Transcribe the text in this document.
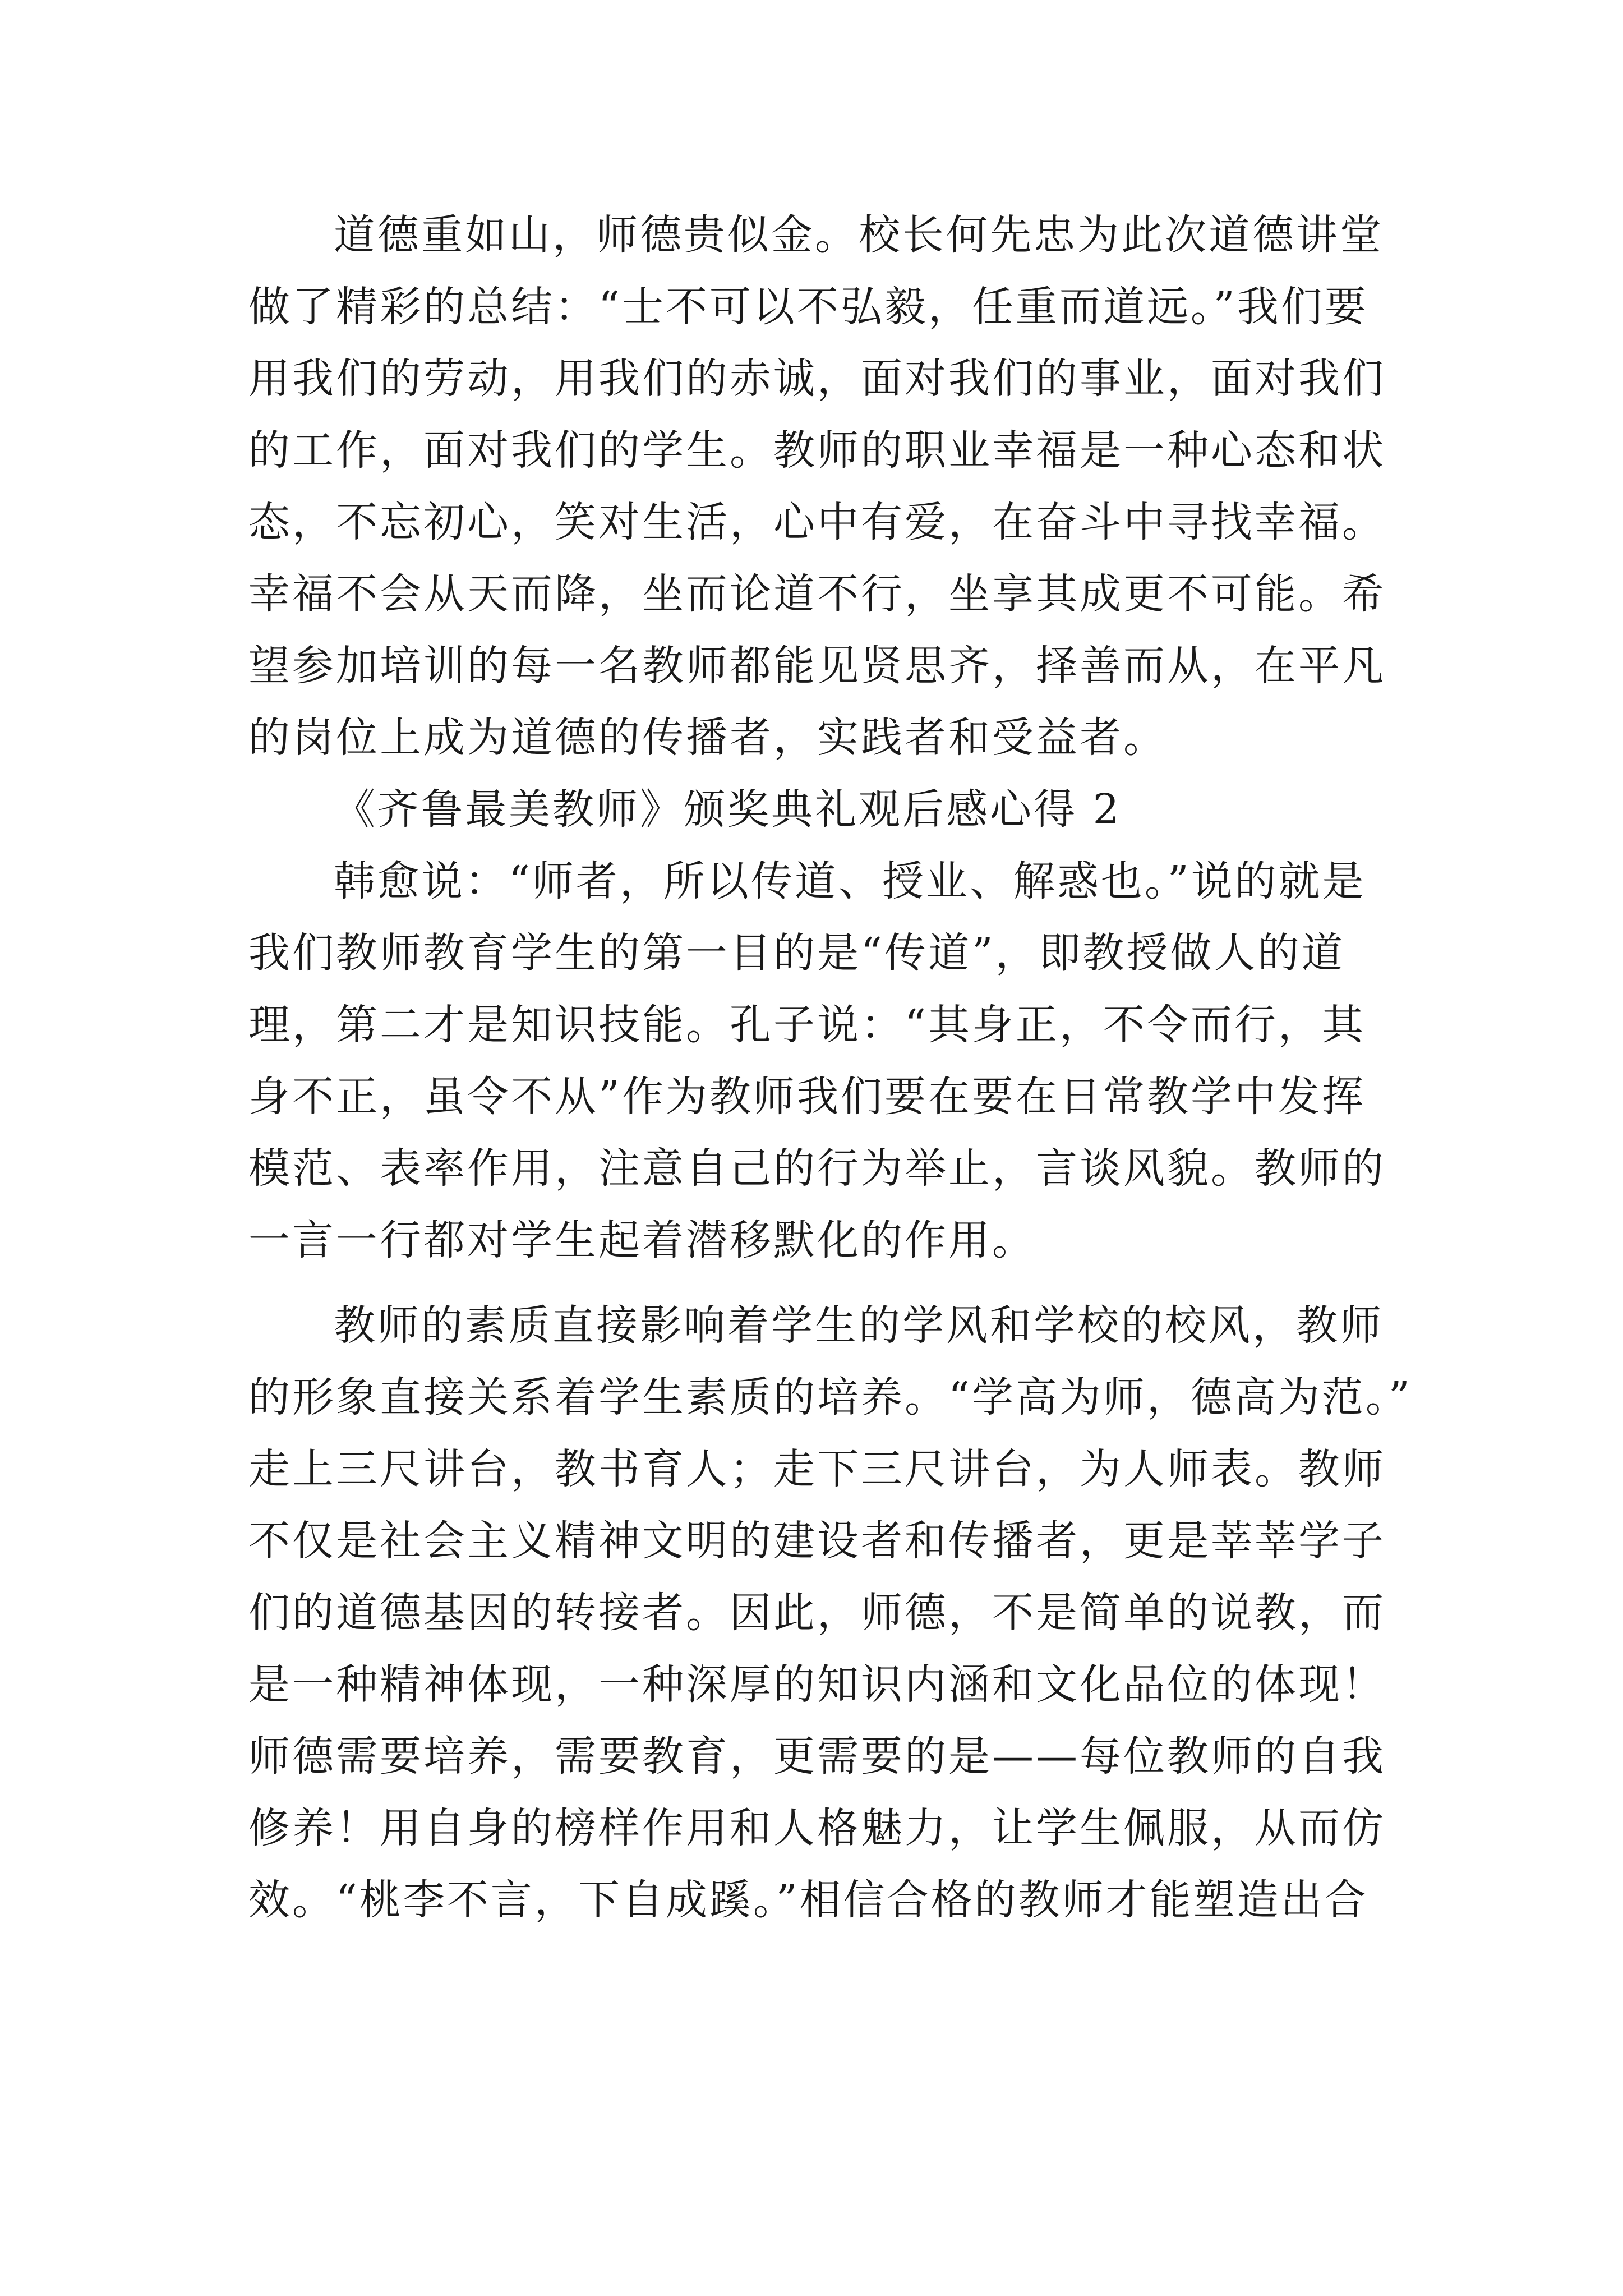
道德重如山，师德贵似金。校长何先忠为此次道德讲堂
做了精彩的总结：“士不可以不弘毅，任重而道远。”我们要
用我们的劳动，用我们的赤诚，面对我们的事业，面对我们
的工作，面对我们的学生。教师的职业幸福是一种心态和状
态，不忘初心，笑对生活，心中有爱，在奋斗中寻找幸福。
幸福不会从天而降，坐而论道不行，坐享其成更不可能。希
望参加培训的每一名教师都能见贤思齐，择善而从，在平凡
的岗位上成为道德的传播者，实践者和受益者。
《齐鲁最美教师》颁奖典礼观后感心得 2
韩愈说：“师者，所以传道、授业、解惑也。”说的就是
我们教师教育学生的第一目的是“传道”，即教授做人的道
理，第二才是知识技能。孔子说：“其身正，不令而行，其
身不正，虽令不从”作为教师我们要在要在日常教学中发挥
模范、表率作用，注意自己的行为举止，言谈风貌。教师的
一言一行都对学生起着潜移默化的作用。
教师的素质直接影响着学生的学风和学校的校风，教师
的形象直接关系着学生素质的培养。“学高为师，德高为范。”
走上三尺讲台，教书育人；走下三尺讲台，为人师表。教师
不仅是社会主义精神文明的建设者和传播者，更是莘莘学子
们的道德基因的转接者。因此，师德，不是简单的说教，而
是一种精神体现，一种深厚的知识内涵和文化品位的体现！
师德需要培养，需要教育，更需要的是——每位教师的自我
修养！用自身的榜样作用和人格魅力，让学生佩服，从而仿
效。“桃李不言，下自成蹊。”相信合格的教师才能塑造出合
